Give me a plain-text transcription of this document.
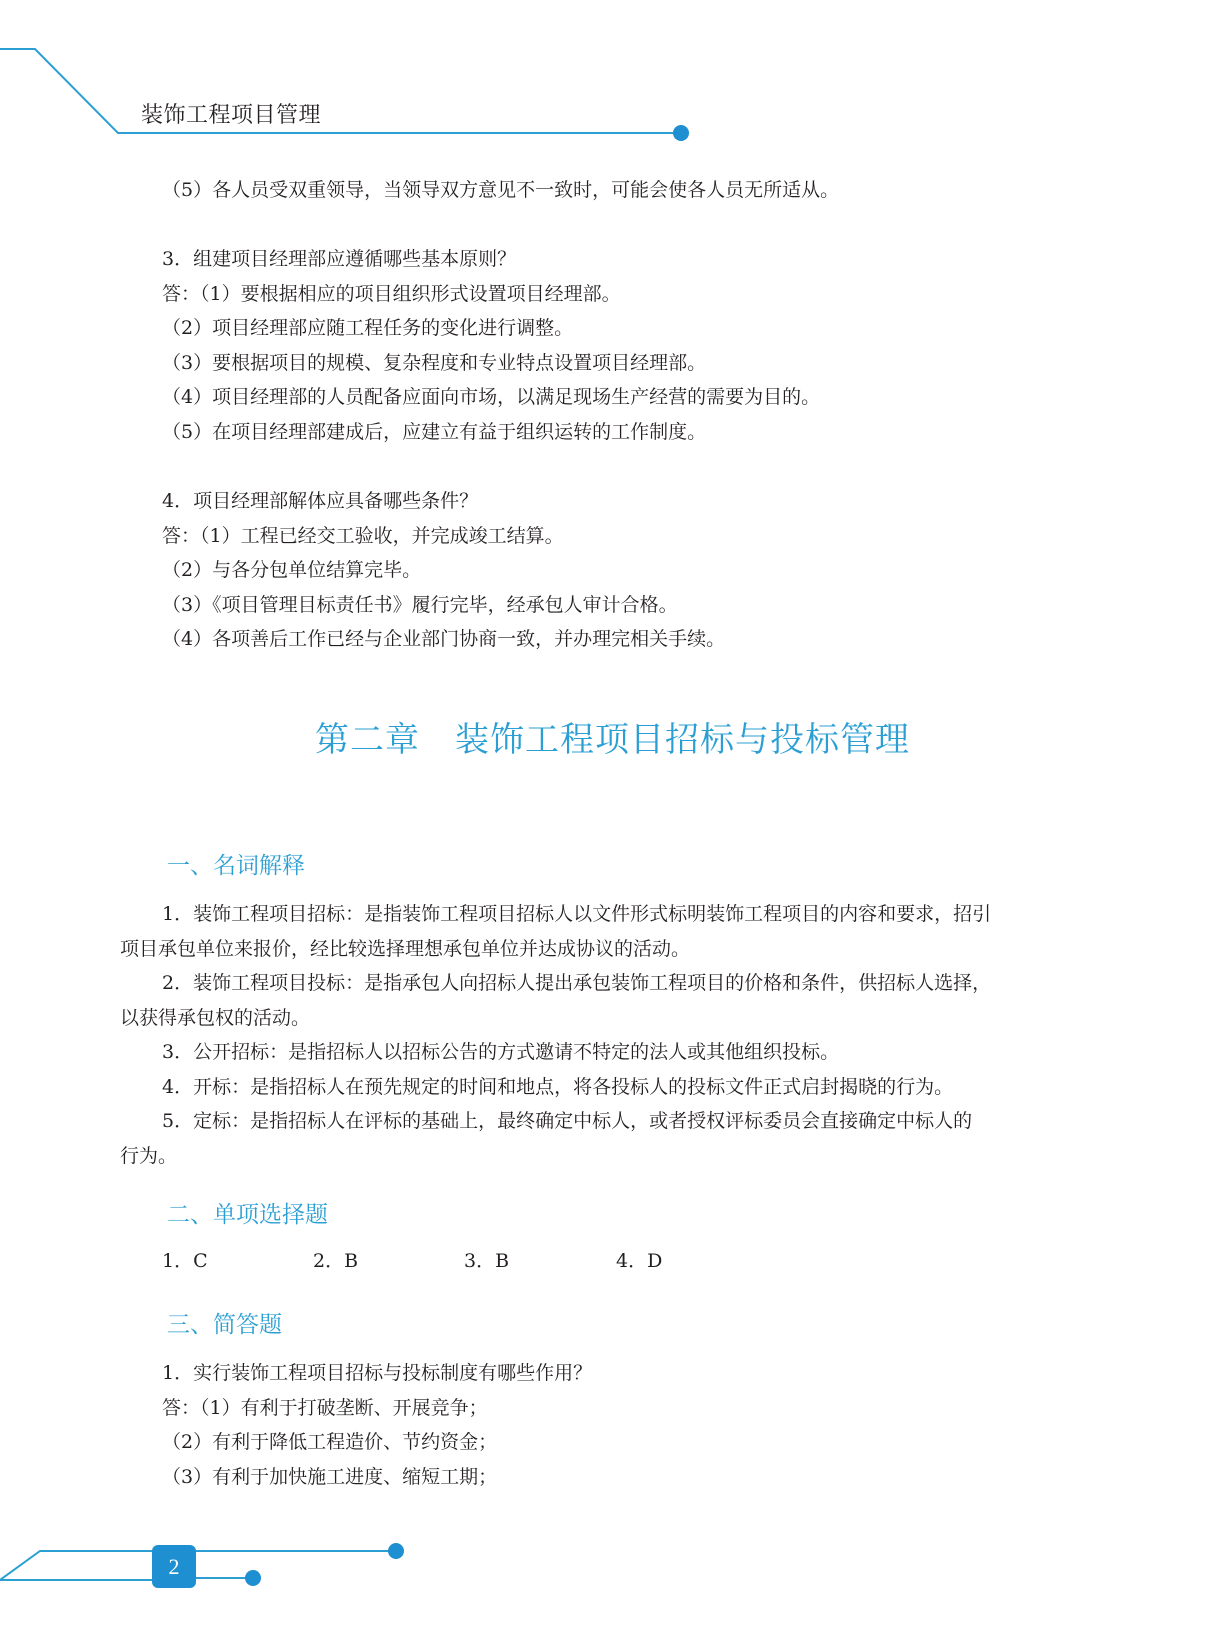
装饰工程项目管理
（5）各人员受双重领导，当领导双方意见不一致时，可能会使各人员无所适从。
3．组建项目经理部应遵循哪些基本原则？
答：（1）要根据相应的项目组织形式设置项目经理部。
（2）项目经理部应随工程任务的变化进行调整。
（3）要根据项目的规模、复杂程度和专业特点设置项目经理部。
（4）项目经理部的人员配备应面向市场，以满足现场生产经营的需要为目的。
（5）在项目经理部建成后，应建立有益于组织运转的工作制度。
4．项目经理部解体应具备哪些条件？
答：（1）工程已经交工验收，并完成竣工结算。
（2）与各分包单位结算完毕。
（3）《项目管理目标责任书》履行完毕，经承包人审计合格。
（4）各项善后工作已经与企业部门协商一致，并办理完相关手续。
第二章　装饰工程项目招标与投标管理
一、名词解释
1．装饰工程项目招标：是指装饰工程项目招标人以文件形式标明装饰工程项目的内容和要求，招引
项目承包单位来报价，经比较选择理想承包单位并达成协议的活动。
2．装饰工程项目投标：是指承包人向招标人提出承包装饰工程项目的价格和条件，供招标人选择，
以获得承包权的活动。
3．公开招标：是指招标人以招标公告的方式邀请不特定的法人或其他组织投标。
4．开标：是指招标人在预先规定的时间和地点，将各投标人的投标文件正式启封揭晓的行为。
5．定标：是指招标人在评标的基础上，最终确定中标人，或者授权评标委员会直接确定中标人的
行为。
二、单项选择题
1．C	2．B	3．B	4．D
三、简答题
1．实行装饰工程项目招标与投标制度有哪些作用？
答：（1）有利于打破垄断、开展竞争；
（2）有利于降低工程造价、节约资金；
（3）有利于加快施工进度、缩短工期；
2
